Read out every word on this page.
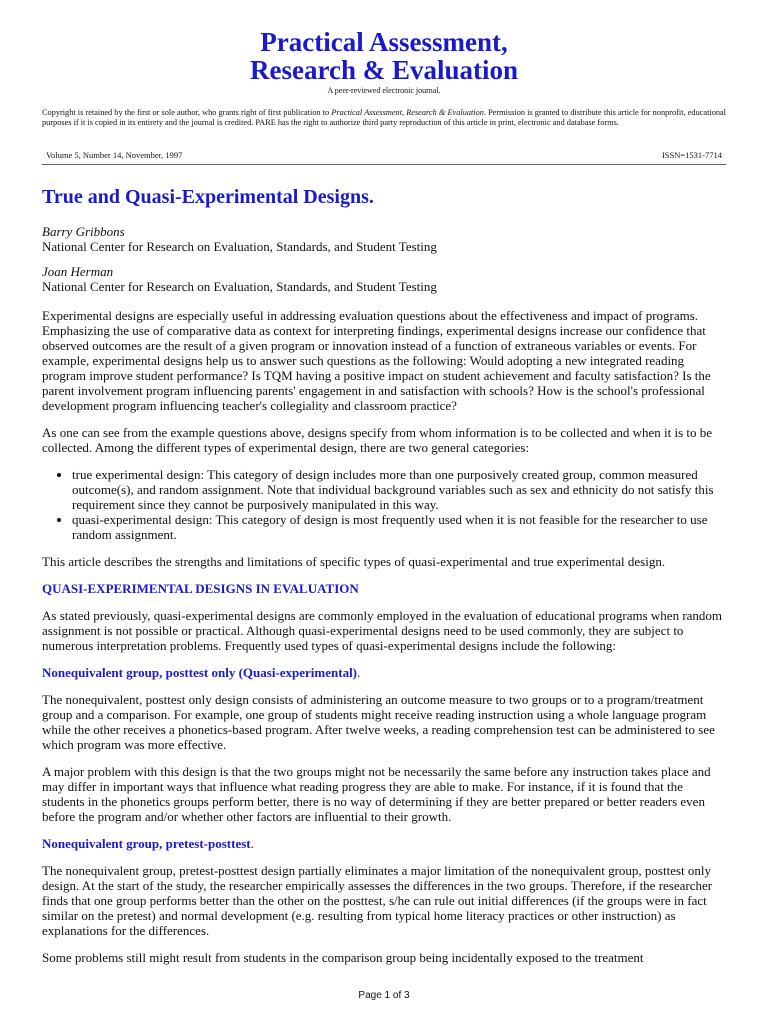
Practical Assessment,
Research & Evaluation
A peer-reviewed electronic journal.

Copyright is retained by the first or sole author, who grants right of first publication to Practical Assessment, Research & Evaluation. Permission is granted to distribute this article for nonprofit, educational purposes if it is copied in its entirety and the journal is credited. PARE has the right to authorize third party reproduction of this article in print, electronic and database forms.

Volume 5, Number 14, November, 1997	ISSN=1531-7714
True and Quasi-Experimental Designs.
Barry Gribbons
National Center for Research on Evaluation, Standards, and Student Testing
Joan Herman
National Center for Research on Evaluation, Standards, and Student Testing

Experimental designs are especially useful in addressing evaluation questions about the effectiveness and impact of programs. Emphasizing the use of comparative data as context for interpreting findings, experimental designs increase our confidence that observed outcomes are the result of a given program or innovation instead of a function of extraneous variables or events. For example, experimental designs help us to answer such questions as the following: Would adopting a new integrated reading program improve student performance? Is TQM having a positive impact on student achievement and faculty satisfaction? Is the parent involvement program influencing parents' engagement in and satisfaction with schools? How is the school's professional development program influencing teacher's collegiality and classroom practice?

As one can see from the example questions above, designs specify from whom information is to be collected and when it is to be collected. Among the different types of experimental design, there are two general categories:

• true experimental design: This category of design includes more than one purposively created group, common measured outcome(s), and random assignment. Note that individual background variables such as sex and ethnicity do not satisfy this requirement since they cannot be purposively manipulated in this way.
• quasi-experimental design: This category of design is most frequently used when it is not feasible for the researcher to use random assignment.

This article describes the strengths and limitations of specific types of quasi-experimental and true experimental design.

QUASI-EXPERIMENTAL DESIGNS IN EVALUATION

As stated previously, quasi-experimental designs are commonly employed in the evaluation of educational programs when random assignment is not possible or practical. Although quasi-experimental designs need to be used commonly, they are subject to numerous interpretation problems. Frequently used types of quasi-experimental designs include the following:

Nonequivalent group, posttest only (Quasi-experimental).

The nonequivalent, posttest only design consists of administering an outcome measure to two groups or to a program/treatment group and a comparison. For example, one group of students might receive reading instruction using a whole language program while the other receives a phonetics-based program. After twelve weeks, a reading comprehension test can be administered to see which program was more effective.

A major problem with this design is that the two groups might not be necessarily the same before any instruction takes place and may differ in important ways that influence what reading progress they are able to make. For instance, if it is found that the students in the phonetics groups perform better, there is no way of determining if they are better prepared or better readers even before the program and/or whether other factors are influential to their growth.

Nonequivalent group, pretest-posttest.

The nonequivalent group, pretest-posttest design partially eliminates a major limitation of the nonequivalent group, posttest only design. At the start of the study, the researcher empirically assesses the differences in the two groups. Therefore, if the researcher finds that one group performs better than the other on the posttest, s/he can rule out initial differences (if the groups were in fact similar on the pretest) and normal development (e.g. resulting from typical home literacy practices or other instruction) as explanations for the differences.

Some problems still might result from students in the comparison group being incidentally exposed to the treatment

Page 1 of 3
